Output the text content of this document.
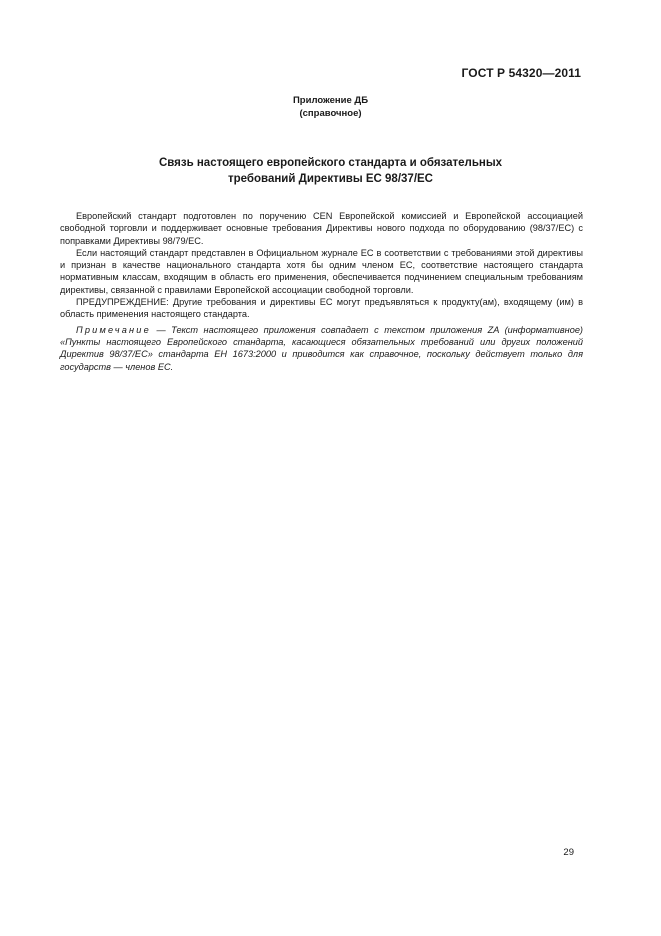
ГОСТ Р 54320—2011
Приложение ДБ
(справочное)
Связь настоящего европейского стандарта и обязательных
требований Директивы ЕС 98/37/ЕС

Европейский стандарт подготовлен по поручению CEN Европейской комиссией и Европейской ассоциацией свободной торговли и поддерживает основные требования Директивы нового подхода по оборудованию (98/37/ЕС) с поправками Директивы 98/79/ЕС.

Если настоящий стандарт представлен в Официальном журнале ЕС в соответствии с требованиями этой директивы и признан в качестве национального стандарта хотя бы одним членом ЕС, соответствие настоящего стандарта нормативным классам, входящим в область его применения, обеспечивается подчинением специальным требованиям директивы, связанной с правилами Европейской ассоциации свободной торговли.

ПРЕДУПРЕЖДЕНИЕ: Другие требования и директивы ЕС могут предъявляться к продукту(ам), входящему (им) в область применения настоящего стандарта.

Примечание — Текст настоящего приложения совпадает с текстом приложения ZA (информативное) «Пункты настоящего Европейского стандарта, касающиеся обязательных требований или других положений Директив 98/37/ЕС» стандарта ЕН 1673:2000 и приводится как справочное, поскольку действует только для государств — членов ЕС.

29
